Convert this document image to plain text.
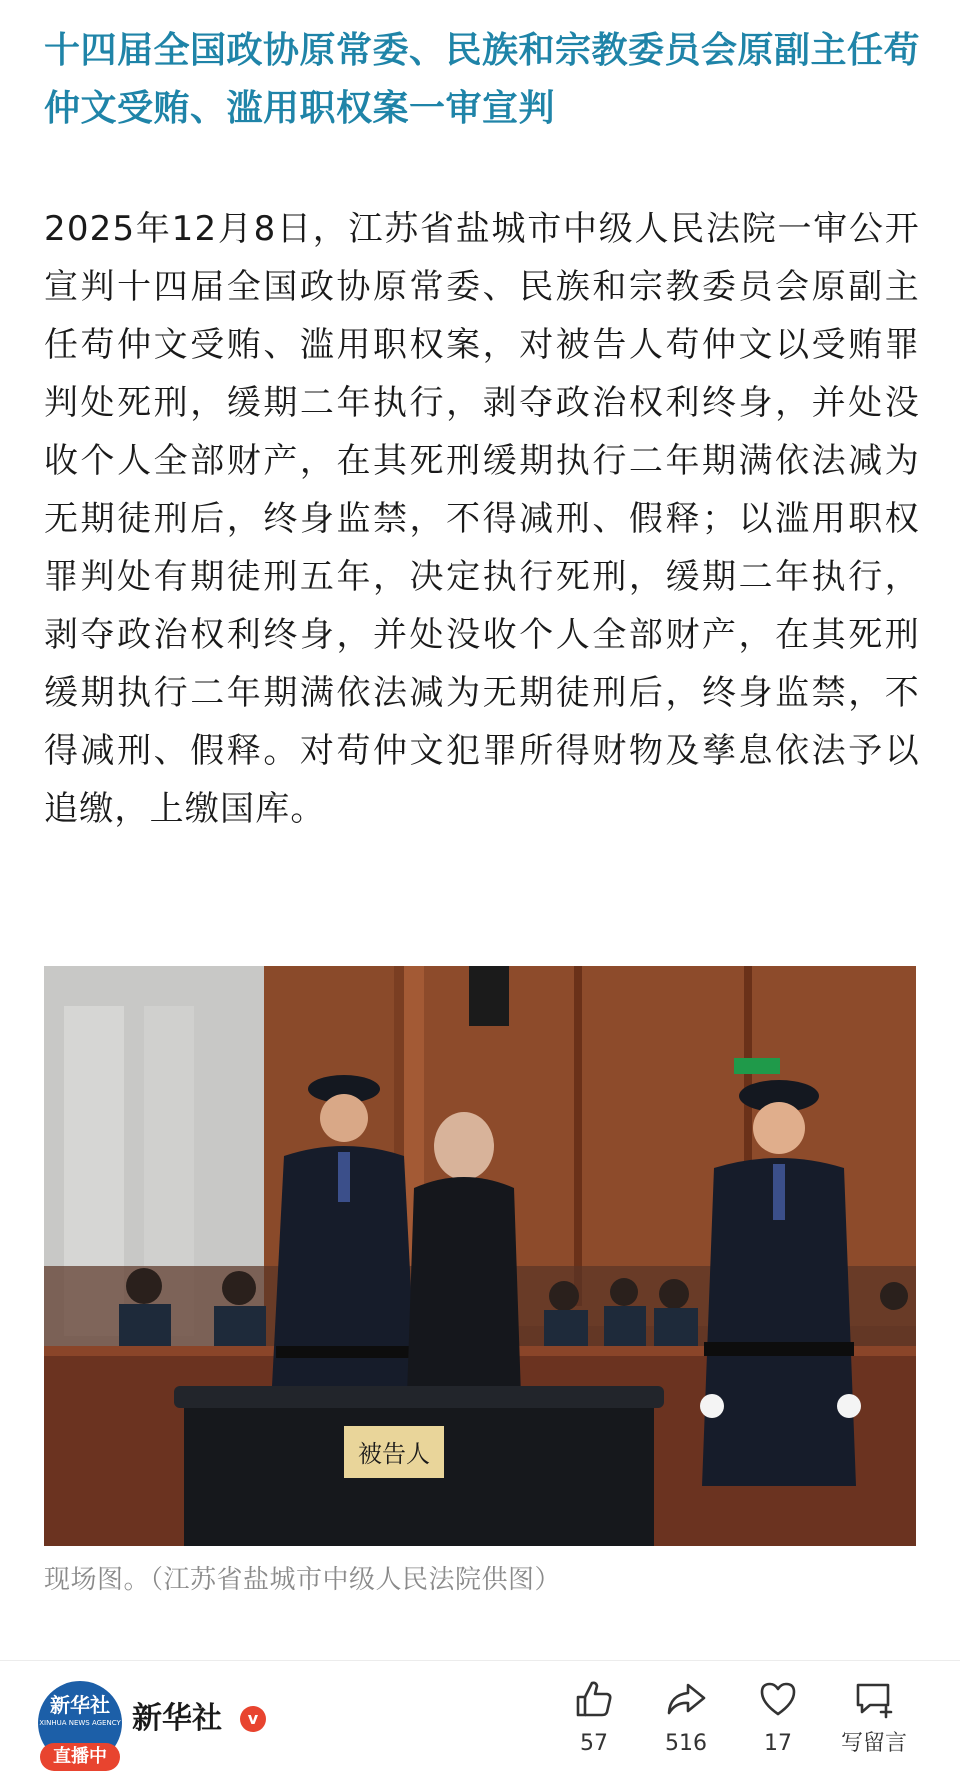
十四届全国政协原常委、民族和宗教委员会原副主任苟仲文受贿、滥用职权案一审宣判

2025年12月8日，江苏省盐城市中级人民法院一审公开宣判十四届全国政协原常委、民族和宗教委员会原副主任苟仲文受贿、滥用职权案，对被告人苟仲文以受贿罪判处死刑，缓期二年执行，剥夺政治权利终身，并处没收个人全部财产，在其死刑缓期执行二年期满依法减为无期徒刑后，终身监禁，不得减刑、假释；以滥用职权罪判处有期徒刑五年，决定执行死刑，缓期二年执行，剥夺政治权利终身，并处没收个人全部财产，在其死刑缓期执行二年期满依法减为无期徒刑后，终身监禁，不得减刑、假释。对苟仲文犯罪所得财物及孳息依法予以追缴，上缴国库。

被告人
现场图。（江苏省盐城市中级人民法院供图）
新华社
XINHUA NEWS AGENCY
直播中
新华社	v
57	516	17	写留言
